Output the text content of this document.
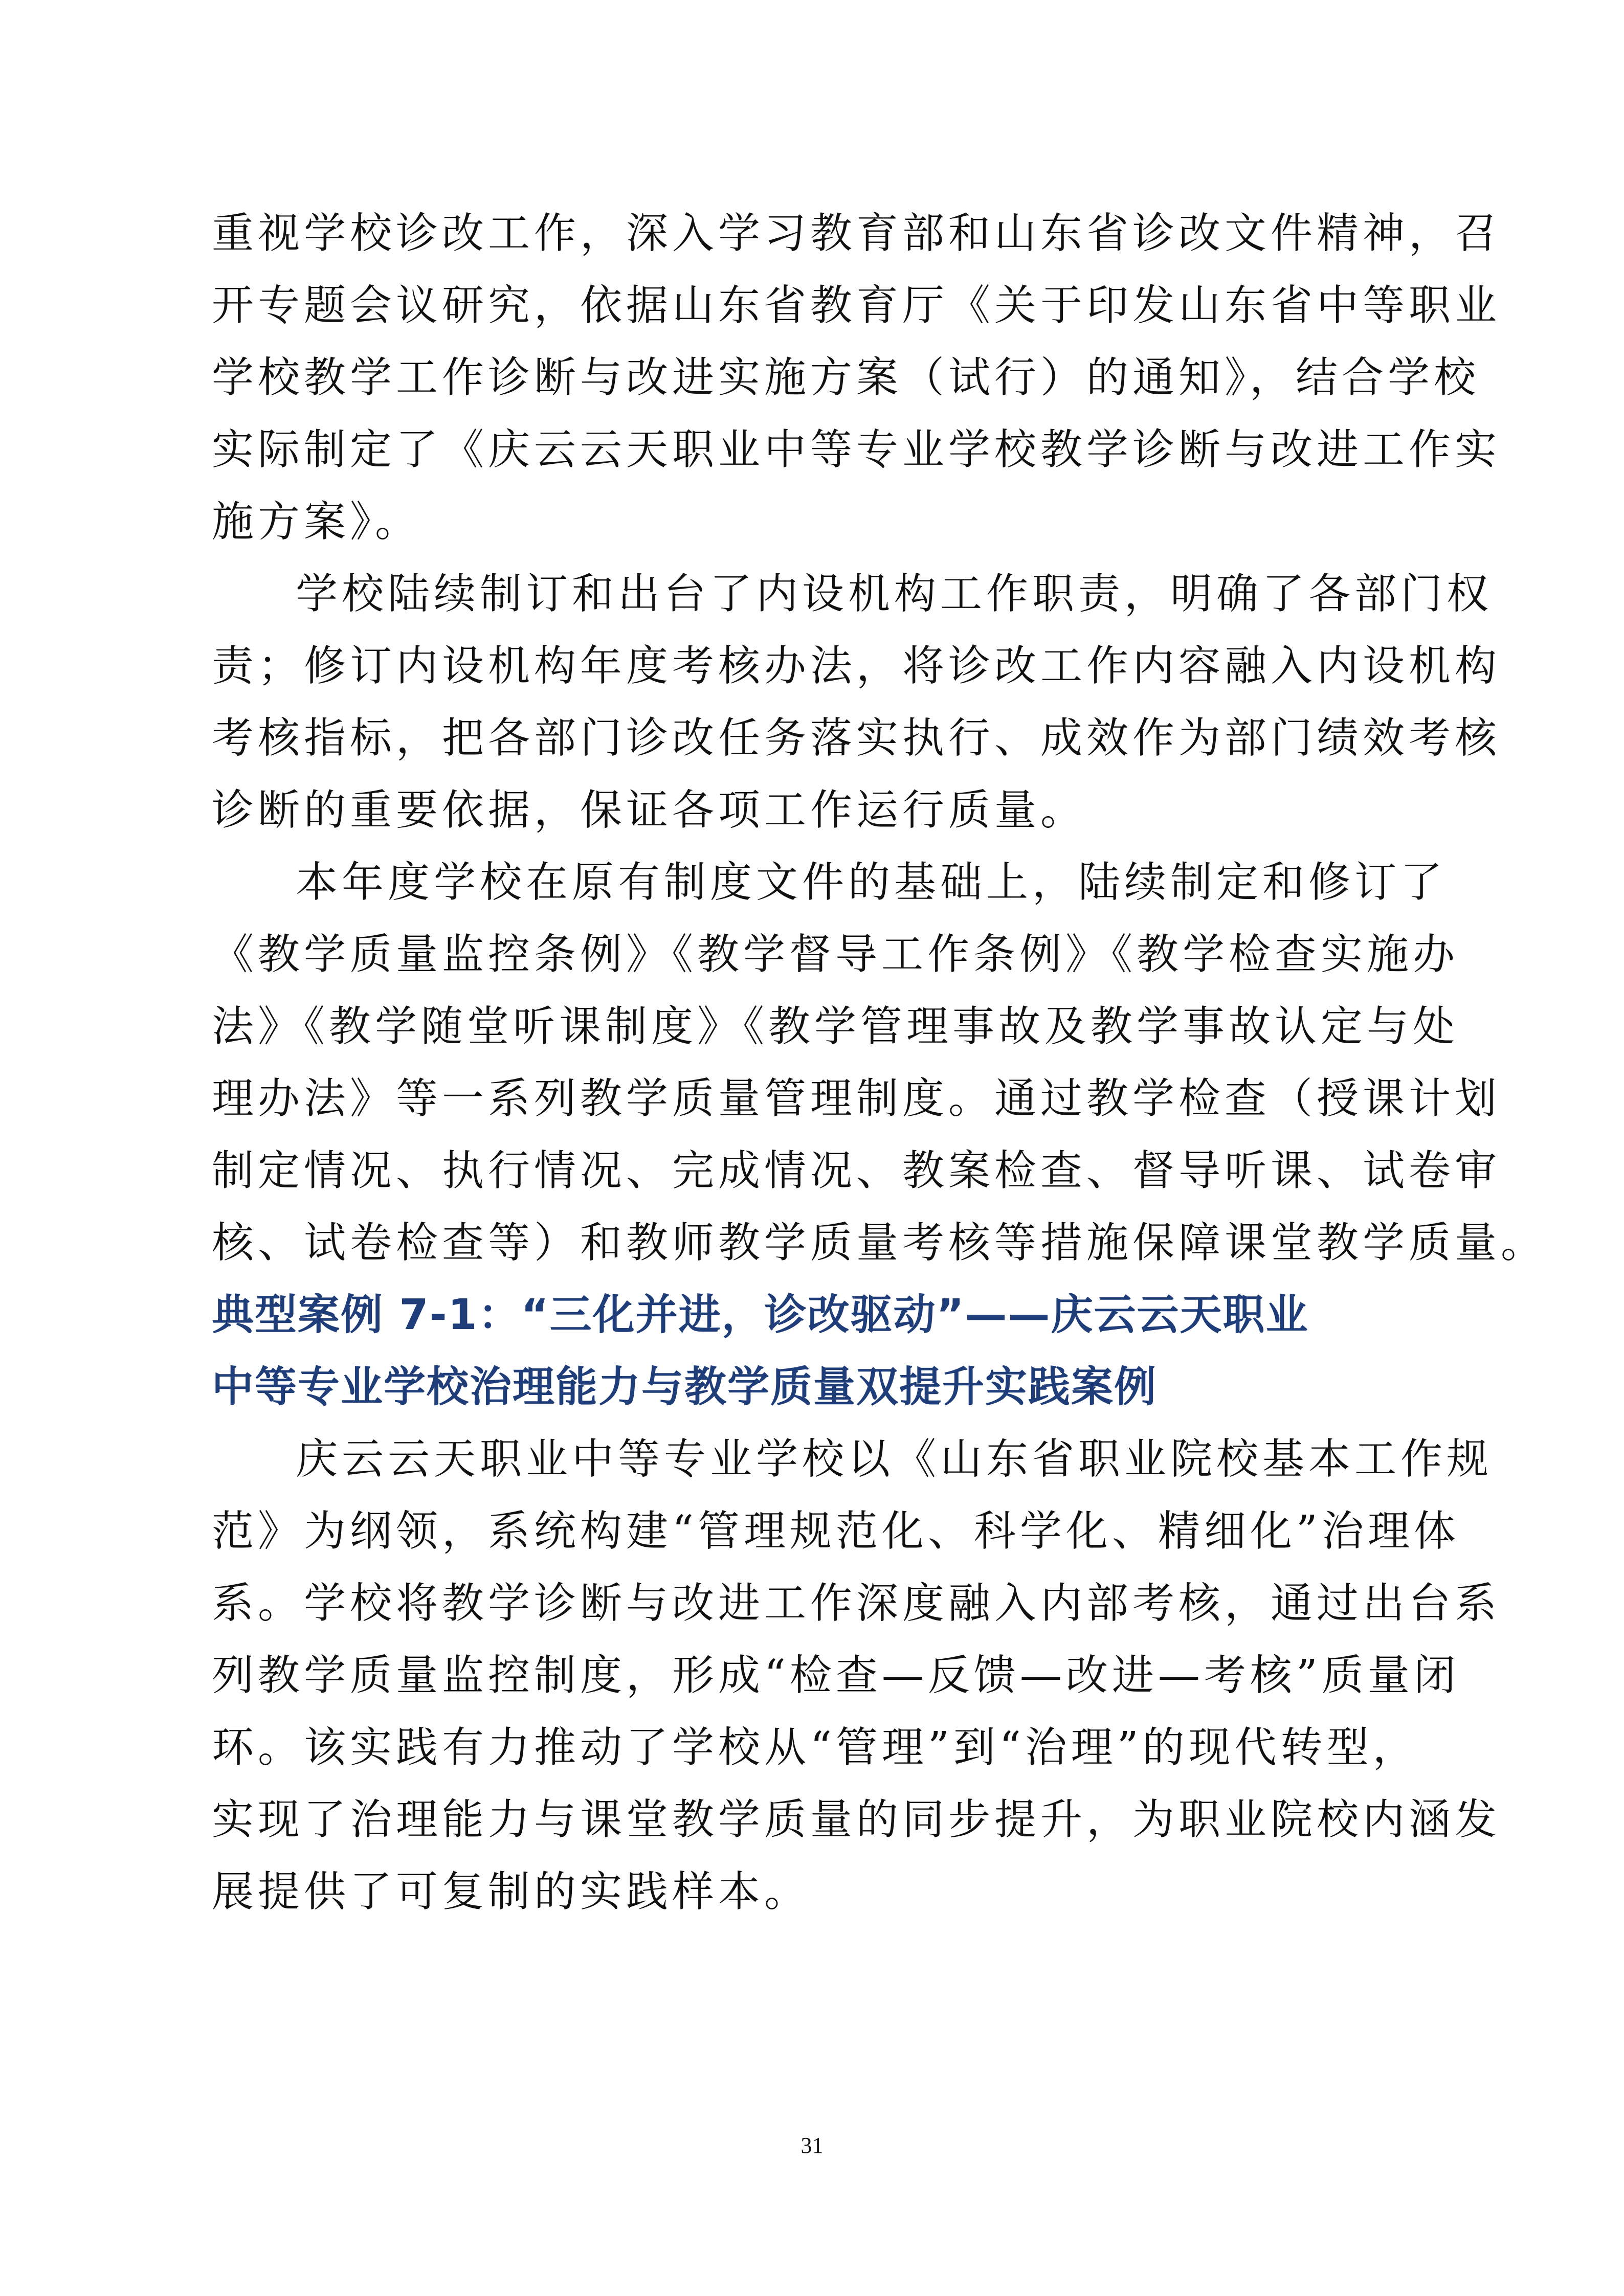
重视学校诊改工作，深入学习教育部和山东省诊改文件精神，召
开专题会议研究，依据山东省教育厅《关于印发山东省中等职业
学校教学工作诊断与改进实施方案（试行）的通知》，结合学校
实际制定了《庆云云天职业中等专业学校教学诊断与改进工作实
施方案》。
学校陆续制订和出台了内设机构工作职责，明确了各部门权
责；修订内设机构年度考核办法，将诊改工作内容融入内设机构
考核指标，把各部门诊改任务落实执行、成效作为部门绩效考核
诊断的重要依据，保证各项工作运行质量。
本年度学校在原有制度文件的基础上，陆续制定和修订了
《教学质量监控条例》《教学督导工作条例》《教学检查实施办
法》《教学随堂听课制度》《教学管理事故及教学事故认定与处
理办法》等一系列教学质量管理制度。通过教学检查（授课计划
制定情况、执行情况、完成情况、教案检查、督导听课、试卷审
核、试卷检查等）和教师教学质量考核等措施保障课堂教学质量。
典型案例 7-1：“三化并进，诊改驱动”——庆云云天职业
中等专业学校治理能力与教学质量双提升实践案例
庆云云天职业中等专业学校以《山东省职业院校基本工作规
范》为纲领，系统构建“管理规范化、科学化、精细化”治理体
系。学校将教学诊断与改进工作深度融入内部考核，通过出台系
列教学质量监控制度，形成“检查—反馈—改进—考核”质量闭
环。该实践有力推动了学校从“管理”到“治理”的现代转型，
实现了治理能力与课堂教学质量的同步提升，为职业院校内涵发
展提供了可复制的实践样本。
31
